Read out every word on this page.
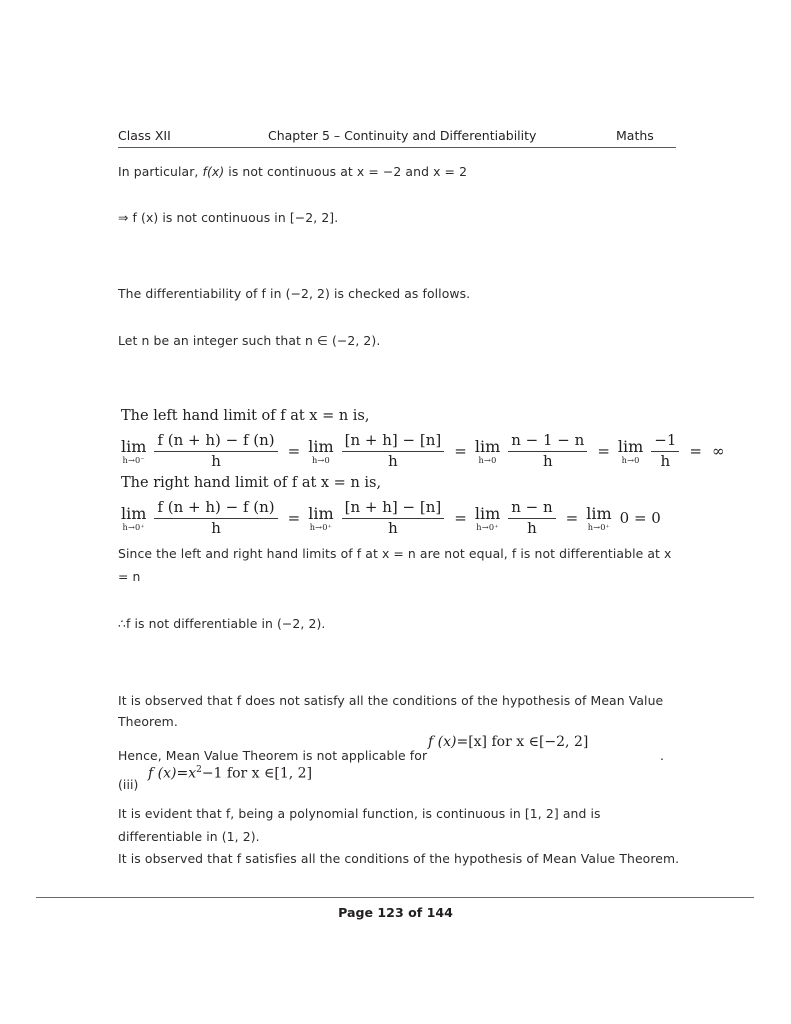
Class XII	Chapter 5 – Continuity and Differentiability	Maths
In particular, f(x) is not continuous at x = −2 and x = 2
⇒ f (x) is not continuous in [−2, 2].
The differentiability of f in (−2, 2) is checked as follows.
Let n be an integer such that n ∈ (−2, 2).
The left hand limit of f at x = n is,
lim
$h\to 0^- \frac{f (n + h) - f (n)}{h} = \lim$
$h\to 0 \frac{[n + h] - [n]}{h} = \lim$
$h\to 0 \frac{n - 1 - n}{h} = \lim$
$h\to 0 \frac{-1}{h}$ = ∞
The right hand limit of f at x = n is,
lim
$h\to 0^+ \frac{f (n + h) - f (n)}{h} = \lim$
$h\to 0^+ \frac{[n + h] - [n]}{h} = \lim$
$h\to 0^+ \frac{n - n}{h} = \lim$
h→0⁺ 0 = 0
Since the left and right hand limits of f at x = n are not equal, f is not differentiable at x
= n
∴f is not differentiable in (−2, 2).
It is observed that f does not satisfy all the conditions of the hypothesis of Mean Value
Theorem.
Hence, Mean Value Theorem is not applicable for
f (x)=[x] for x ∈[−2, 2]
.
(iii)
f $(x)=x^2-1$ for x ∈[1, 2]
It is evident that f, being a polynomial function, is continuous in [1, 2] and is
differentiable in (1, 2).
It is observed that f satisfies all the conditions of the hypothesis of Mean Value Theorem.
Page 123 of 144
